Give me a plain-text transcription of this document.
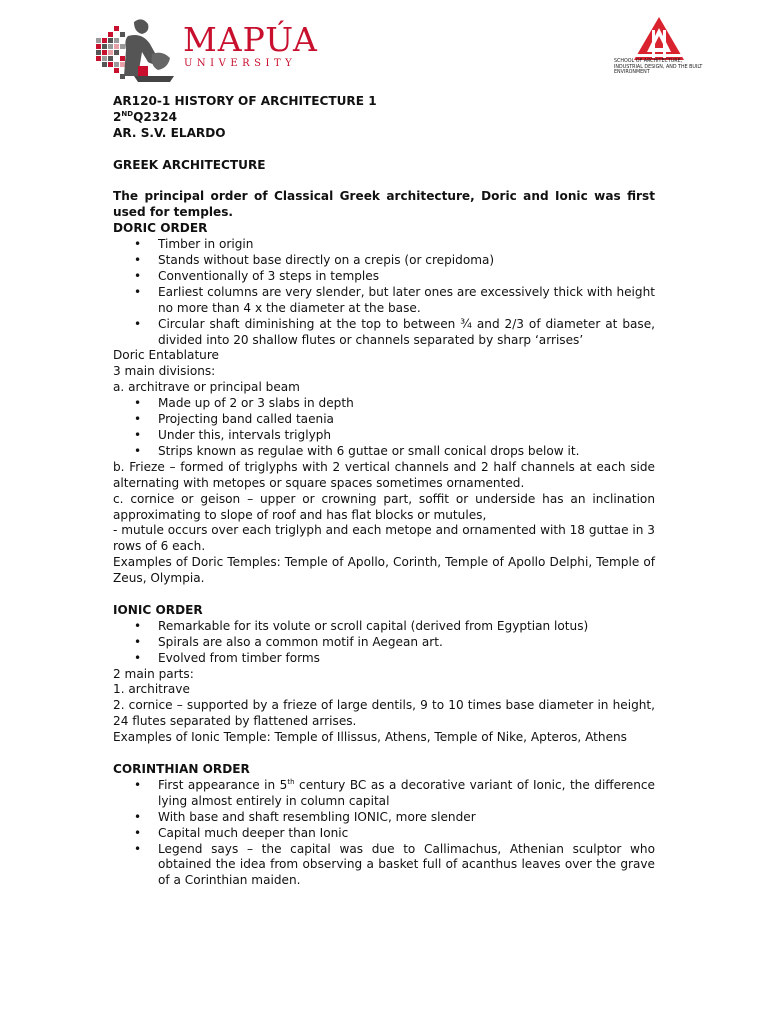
MAPÚA
UNIVERSITY	SCHOOL OF ARCHITECTURE, INDUSTRIAL DESIGN, AND THE BUILT ENVIRONMENT

AR120-1 HISTORY OF ARCHITECTURE 1

2NDQ2324

AR. S.V. ELARDO

GREEK ARCHITECTURE

The principal order of Classical Greek architecture, Doric and Ionic was first used for temples.

DORIC ORDER

• Timber in origin
• Stands without base directly on a crepis (or crepidoma)
• Conventionally of 3 steps in temples
• Earliest columns are very slender, but later ones are excessively thick with height no more than 4 x the diameter at the base.
• Circular shaft diminishing at the top to between ¾ and 2/3 of diameter at base, divided into 20 shallow flutes or channels separated by sharp ‘arrises’

Doric Entablature

3 main divisions:

a. architrave or principal beam

• Made up of 2 or 3 slabs in depth
• Projecting band called taenia
• Under this, intervals triglyph
• Strips known as regulae with 6 guttae or small conical drops below it.

b. Frieze – formed of triglyphs with 2 vertical channels and 2 half channels at each side alternating with metopes or square spaces sometimes ornamented.

c. cornice or geison – upper or crowning part, soffit or underside has an inclination approximating to slope of roof and has flat blocks or mutules,

- mutule occurs over each triglyph and each metope and ornamented with 18 guttae in 3 rows of 6 each.

Examples of Doric Temples: Temple of Apollo, Corinth, Temple of Apollo Delphi, Temple of Zeus, Olympia.

IONIC ORDER

• Remarkable for its volute or scroll capital (derived from Egyptian lotus)
• Spirals are also a common motif in Aegean art.
• Evolved from timber forms

2 main parts:

1. architrave

2. cornice – supported by a frieze of large dentils, 9 to 10 times base diameter in height, 24 flutes separated by flattened arrises.

Examples of Ionic Temple: Temple of Illissus, Athens, Temple of Nike, Apteros, Athens

CORINTHIAN ORDER

• First appearance in 5th century BC as a decorative variant of Ionic, the difference lying almost entirely in column capital
• With base and shaft resembling IONIC, more slender
• Capital much deeper than Ionic
• Legend says – the capital was due to Callimachus, Athenian sculptor who obtained the idea from observing a basket full of acanthus leaves over the grave of a Corinthian maiden.
